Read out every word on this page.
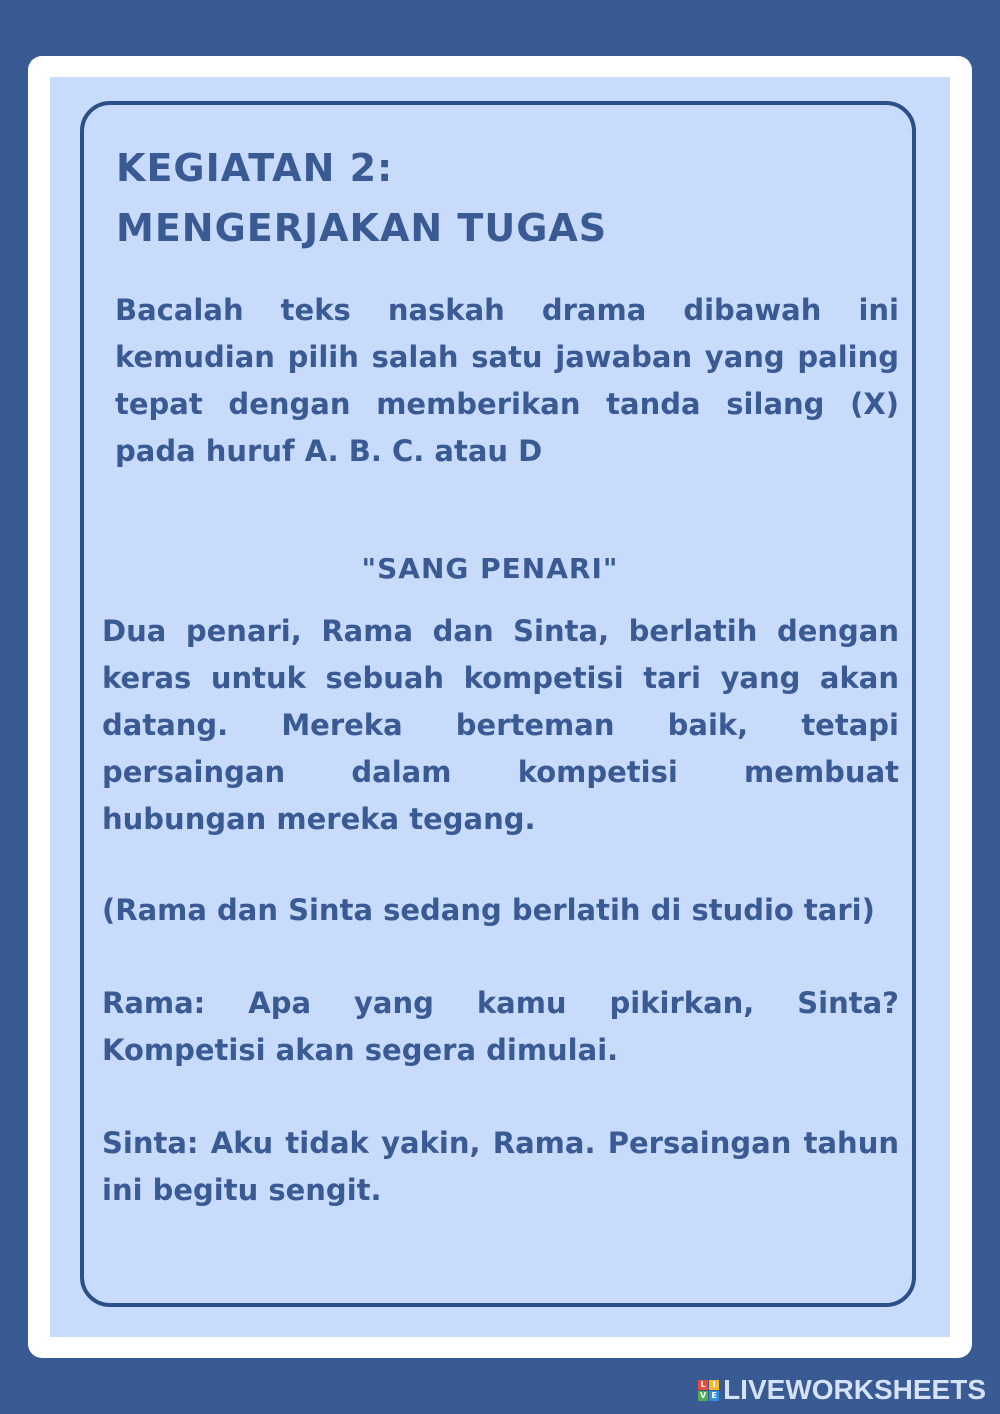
KEGIATAN 2:
MENGERJAKAN TUGAS

Bacalah teks naskah drama dibawah ini kemudian pilih salah satu jawaban yang paling tepat dengan memberikan tanda silang (X) pada huruf A. B. C. atau D

"SANG PENARI"

Dua penari, Rama dan Sinta, berlatih dengan keras untuk sebuah kompetisi tari yang akan datang. Mereka berteman baik, tetapi persaingan dalam kompetisi membuat hubungan mereka tegang.

(Rama dan Sinta sedang berlatih di studio tari)

Rama: Apa yang kamu pikirkan, Sinta? Kompetisi akan segera dimulai.

Sinta: Aku tidak yakin, Rama. Persaingan tahun ini begitu sengit.

L I
V E LIVEWORKSHEETS
